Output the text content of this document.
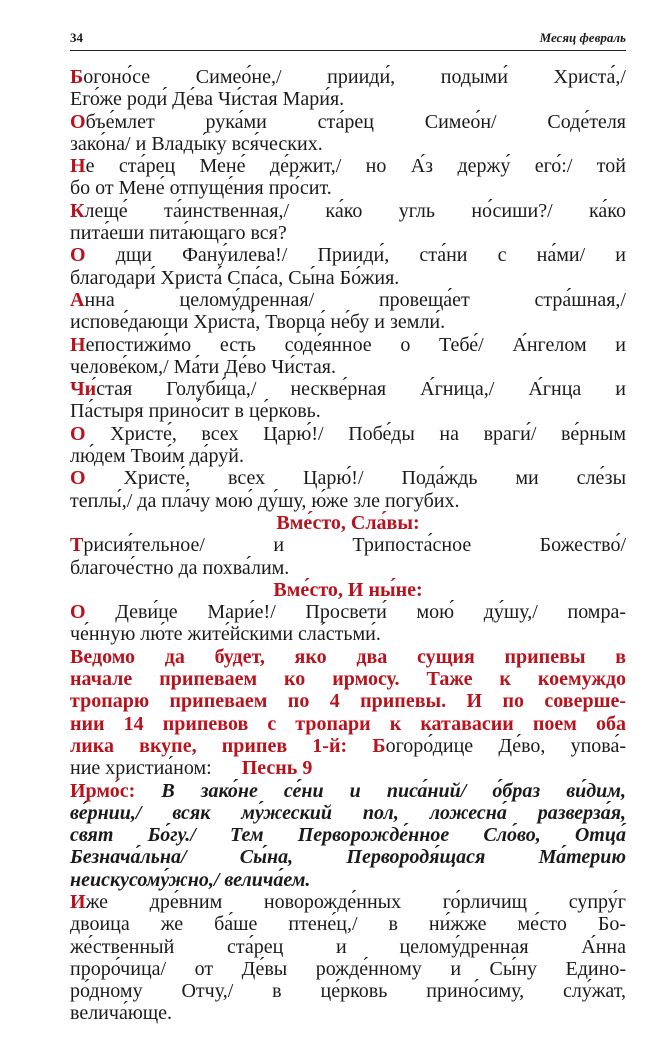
34	Месяц февраль
Богоно́се Симео́не,/ прииди́, подыми́ Христа́,/
Его́же роди́ Де́ва Чи́стая Мари́я.
Объе́млет рука́ми ста́рец Симео́н/ Соде́теля
зако́на/ и Влады́ку вся́ческих.
Не ста́рец Мене́ де́ржит,/ но А́з держу́ его́:/ той
бо от Мене́ отпуще́ния про́сит.
Клеще́ та́инственная,/ ка́ко угль но́сиши?/ ка́ко
пита́еши пита́ющаго вся?
О дщи Фану́илева!/ Прииди́, ста́ни с на́ми/ и
благодари́ Христа́ Спа́са, Сы́на Бо́жия.
Анна целому́дренная/ провеща́ет стра́шная,/
испове́дающи Христа́, Творца́ не́бу и земли́.
Непостижи́мо есть соде́янное о Тебе́/ А́нгелом и
челове́ком,/ Ма́ти Де́во Чи́стая.
Чи́стая Голуби́ца,/ нескве́рная А́гница,/ А́гнца и
Па́стыря прино́сит в це́рковь.
О Христе́, всех Царю́!/ Побе́ды на враги́/ ве́рным
лю́дем Твои́м да́руй.
О   Христе́,   всех   Царю́!/   Пода́ждь   ми   сле́зы
теплы́,/ да пла́чу мою́ ду́шу, ю́же зле погубих.
Вме́сто, Сла́вы:
Трисия́тельное/ и Трипоста́сное Божество́/
благоче́стно да похва́лим.
Вме́сто, И ны́не:
О Деви́це Мари́е!/ Просвети́ мою́ ду́шу,/ помра-
че́нную лю́те жите́йскими сла́стьми́.
Ведомо да будет, яко два сущия припевы в
начале припеваем ко ирмосу. Таже к коемуждо
тропарю припеваем по 4 припевы. И по соверше-
нии 14 припевов с тропари к катавасии поем оба
лика вкупе, припев 1-й: Богоро́дице Де́во, упова́-
ние христиа́ном: Песнь 9
Ирмо́с: В зако́не се́ни и писа́ний/ о́браз ви́дим,
ве́рнии,/ всяк му́жеский пол, ложесна́ разверза́я,
свят Бо́гу./ Тем Перворожде́нное Сло́во, Отца́
Безнача́льна/ Сы́на, Первородя́щася Ма́терию
неискусому́жно,/ велича́ем.
Иже дре́вним новорожде́нных го́рличищ супру́г
двоица же ба́ше птене́ц,/ в ни́жже ме́сто Бо-
же́ственный   ста́рец   и   целому́дренная   А́нна
проро́чица/ от Де́вы рожде́нному и Сы́ну Едино-
ро́дному Отчу,/ в це́рковь прино́симу, слу́жат,
велича́юще.
